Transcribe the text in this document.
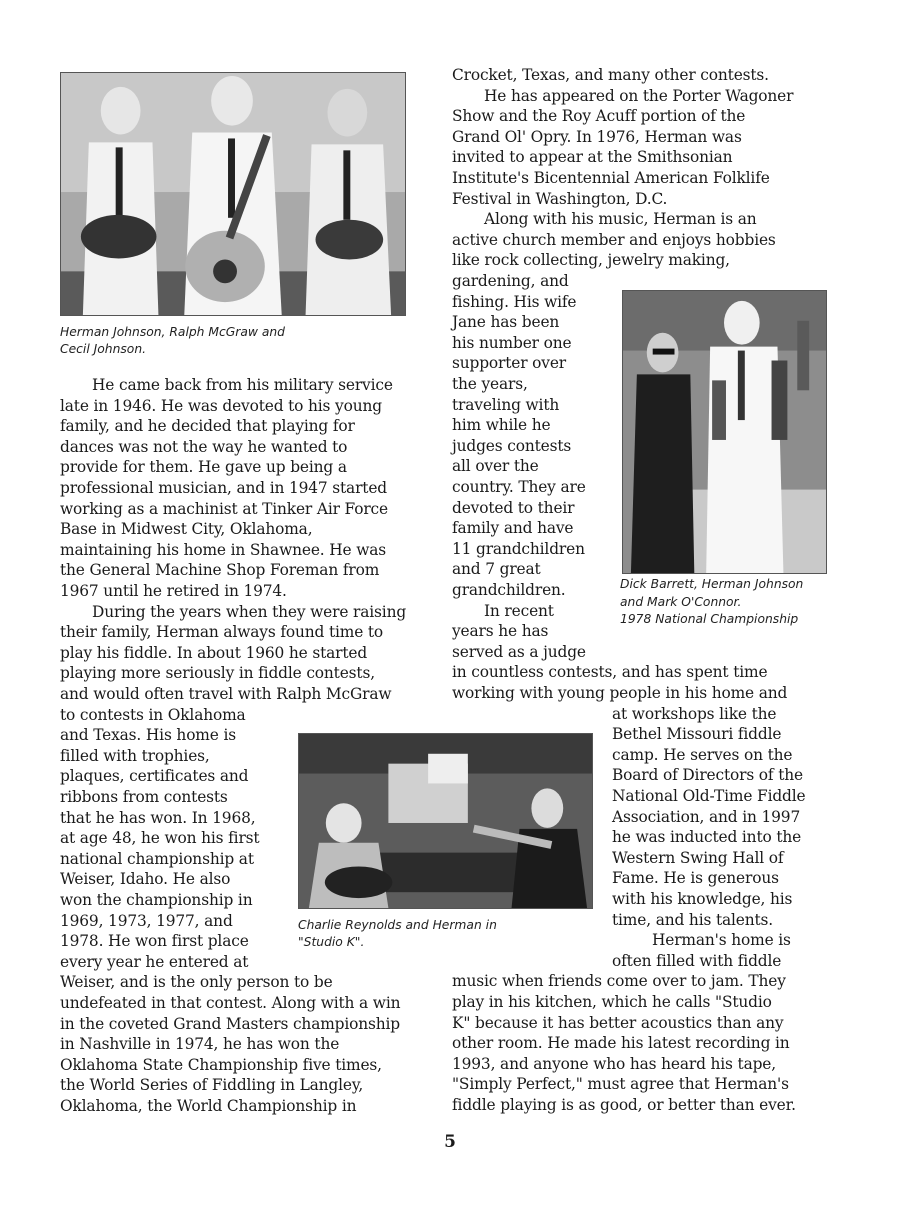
Herman Johnson, Ralph McGraw and
Cecil Johnson.
Dick Barrett, Herman Johnson
and Mark O'Connor.
1978 National Championship
Charlie Reynolds and Herman in
"Studio K".
He came back from his military service
late in 1946. He was devoted to his young
family, and he decided that playing for
dances was not the way he wanted to
provide for them. He gave up being a
professional musician, and in 1947 started
working as a machinist at Tinker Air Force
Base in Midwest City, Oklahoma,
maintaining his home in Shawnee. He was
the General Machine Shop Foreman from
1967 until he retired in 1974.
During the years when they were raising
their family, Herman always found time to
play his fiddle. In about 1960 he started
playing more seriously in fiddle contests,
and would often travel with Ralph McGraw
to contests in Oklahoma
and Texas. His home is
filled with trophies,
plaques, certificates and
ribbons from contests
that he has won. In 1968,
at age 48, he won his first
national championship at
Weiser, Idaho. He also
won the championship in
1969, 1973, 1977, and
1978. He won first place
every year he entered at
Weiser, and is the only person to be
undefeated in that contest. Along with a win
in the coveted Grand Masters championship
in Nashville in 1974, he has won the
Oklahoma State Championship five times,
the World Series of Fiddling in Langley,
Oklahoma, the World Championship in
Crocket, Texas, and many other contests.
He has appeared on the Porter Wagoner
Show and the Roy Acuff portion of the
Grand Ol' Opry. In 1976, Herman was
invited to appear at the Smithsonian
Institute's Bicentennial American Folklife
Festival in Washington, D.C.
Along with his music, Herman is an
active church member and enjoys hobbies
like rock collecting, jewelry making,
gardening, and
fishing. His wife
Jane has been
his number one
supporter over
the years,
traveling with
him while he
judges contests
all over the
country. They are
devoted to their
family and have
11 grandchildren
and 7 great
grandchildren.
In recent
years he has
served as a judge
in countless contests, and has spent time
working with young people in his home and
at workshops like the
Bethel Missouri fiddle
camp. He serves on the
Board of Directors of the
National Old-Time Fiddle
Association, and in 1997
he was inducted into the
Western Swing Hall of
Fame. He is generous
with his knowledge, his
time, and his talents.
Herman's home is
often filled with fiddle
music when friends come over to jam. They
play in his kitchen, which he calls "Studio
K" because it has better acoustics than any
other room. He made his latest recording in
1993, and anyone who has heard his tape,
"Simply Perfect," must agree that Herman's
fiddle playing is as good, or better than ever.
5
